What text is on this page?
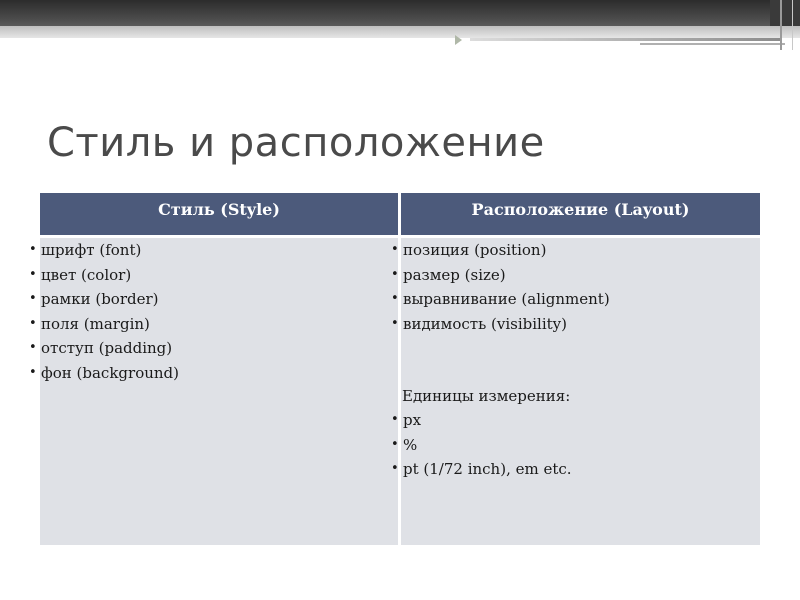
Стиль и расположение
Стиль (Style)	Расположение (Layout)
• шрифт (font)
• цвет (color)
• рамки (border)
• поля (margin)
• отступ (padding)
• фон (background)
• позиция (position)
• размер (size)
• выравнивание (alignment)
• видимость (visibility)
Единицы измерения:
• px
• %
• pt (1/72 inch), em etc.
